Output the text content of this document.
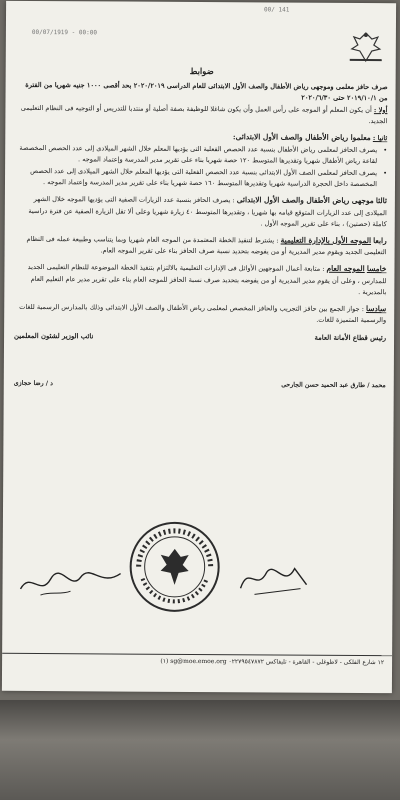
00/ 141
00/07/1919 - 00:00

ضوابط

صرف حافز معلمى وموجهى رياض الأطفال والصف الأول الابتدائى للعام الدراسى ٢٠٢٠/٢٠١٩ بحد أقصى ١٠٠٠ جنيه شهريا من الفترة من ٢٠١٩/١٠/١ حتى ٢٠٢٠/٦/٣٠

أولا : أن يكون المعلم أو الموجه على رأس العمل وأن يكون شاغلا للوظيفة بصفة أصلية أو منتدبا للتدريس أو التوجيه فى النظام التعليمى الجديد.

ثانيا : معلموا رياض الأطفال والصف الأول الابتدائى:

• يصرف الحافز لمعلمى رياض الأطفال بنسبة عدد الحصص الفعلية التى يؤديها المعلم خلال الشهر الميلادى إلى عدد الحصص المخصصة لقاعة رياض الأطفال شهريا وتقديرها المتوسط ١٢٠ حصة شهريا بناء على تقرير مدير المدرسة وإعتماد الموجه .

• يصرف الحافز لمعلمى الصف الأول الابتدائى بنسبة عدد الحصص الفعلية التى يؤديها المعلم خلال الشهر الميلادى إلى عدد الحصص المخصصة داخل الحجرة الدراسية شهريا وتقديرها المتوسط ١٦٠ حصة شهريا بناء على تقرير مدير المدرسة وإعتماد الموجه .

ثالثا موجهى رياض الأطفال والصف الأول الابتدائى : يصرف الحافز بنسبة عدد الزيارات الصفية التى يؤديها الموجه خلال الشهر الميلادى إلى عدد الزيارات المتوقع قيامه بها شهريا ، وتقديرها المتوسط ٤٠ زيارة شهريا وعلى ألا تقل الزيارة الصفية عن فترة دراسية كاملة (حصتين) ، بناء على تقرير الموجه الأول .

رابعا الموجه الأول بالإدارة التعليمية : يشترط لتنفيذ الخطة المعتمدة من الموجه العام شهريا وبما يتناسب وطبيعة عمله فى النظام التعليمى الجديد ويقوم مدير المديرية أو من يفوضه بتحديد نسبة صرف الحافز بناء على تقرير الموجه العام.

خامسا الموجه العام : متابعة أعمال الموجهين الأوائل فى الإدارات التعليمية بالالتزام بتنفيذ الخطة الموضوعة للنظام التعليمى الجديد للمدارس ، وعلى أن يقوم مدير المديرية أو من يفوضه بتحديد صرف نسبة الحافز للموجه العام بناء على تقرير مدير عام التعليم العام بالمديرية .

سادسا : جواز الجمع بين حافز التجريب والحافز المخصص لمعلمى رياض الأطفال والصف الأول الابتدائى وذلك بالمدارس الرسمية للغات والرسمية المتميزة للغات.

رئيس قطاع الأمانة العامة
نائب الوزير لشئون المعلمين
محمد / طارق عبد الحميد حسن الجارحى
د / رضا حجازى
١٢ شارع الفلكى - لاظوغلى - القاهرة - تليفاكس ٠٢٢٧٩٥٤٧٨٧٢ sg@moe.emoe.org (١)
